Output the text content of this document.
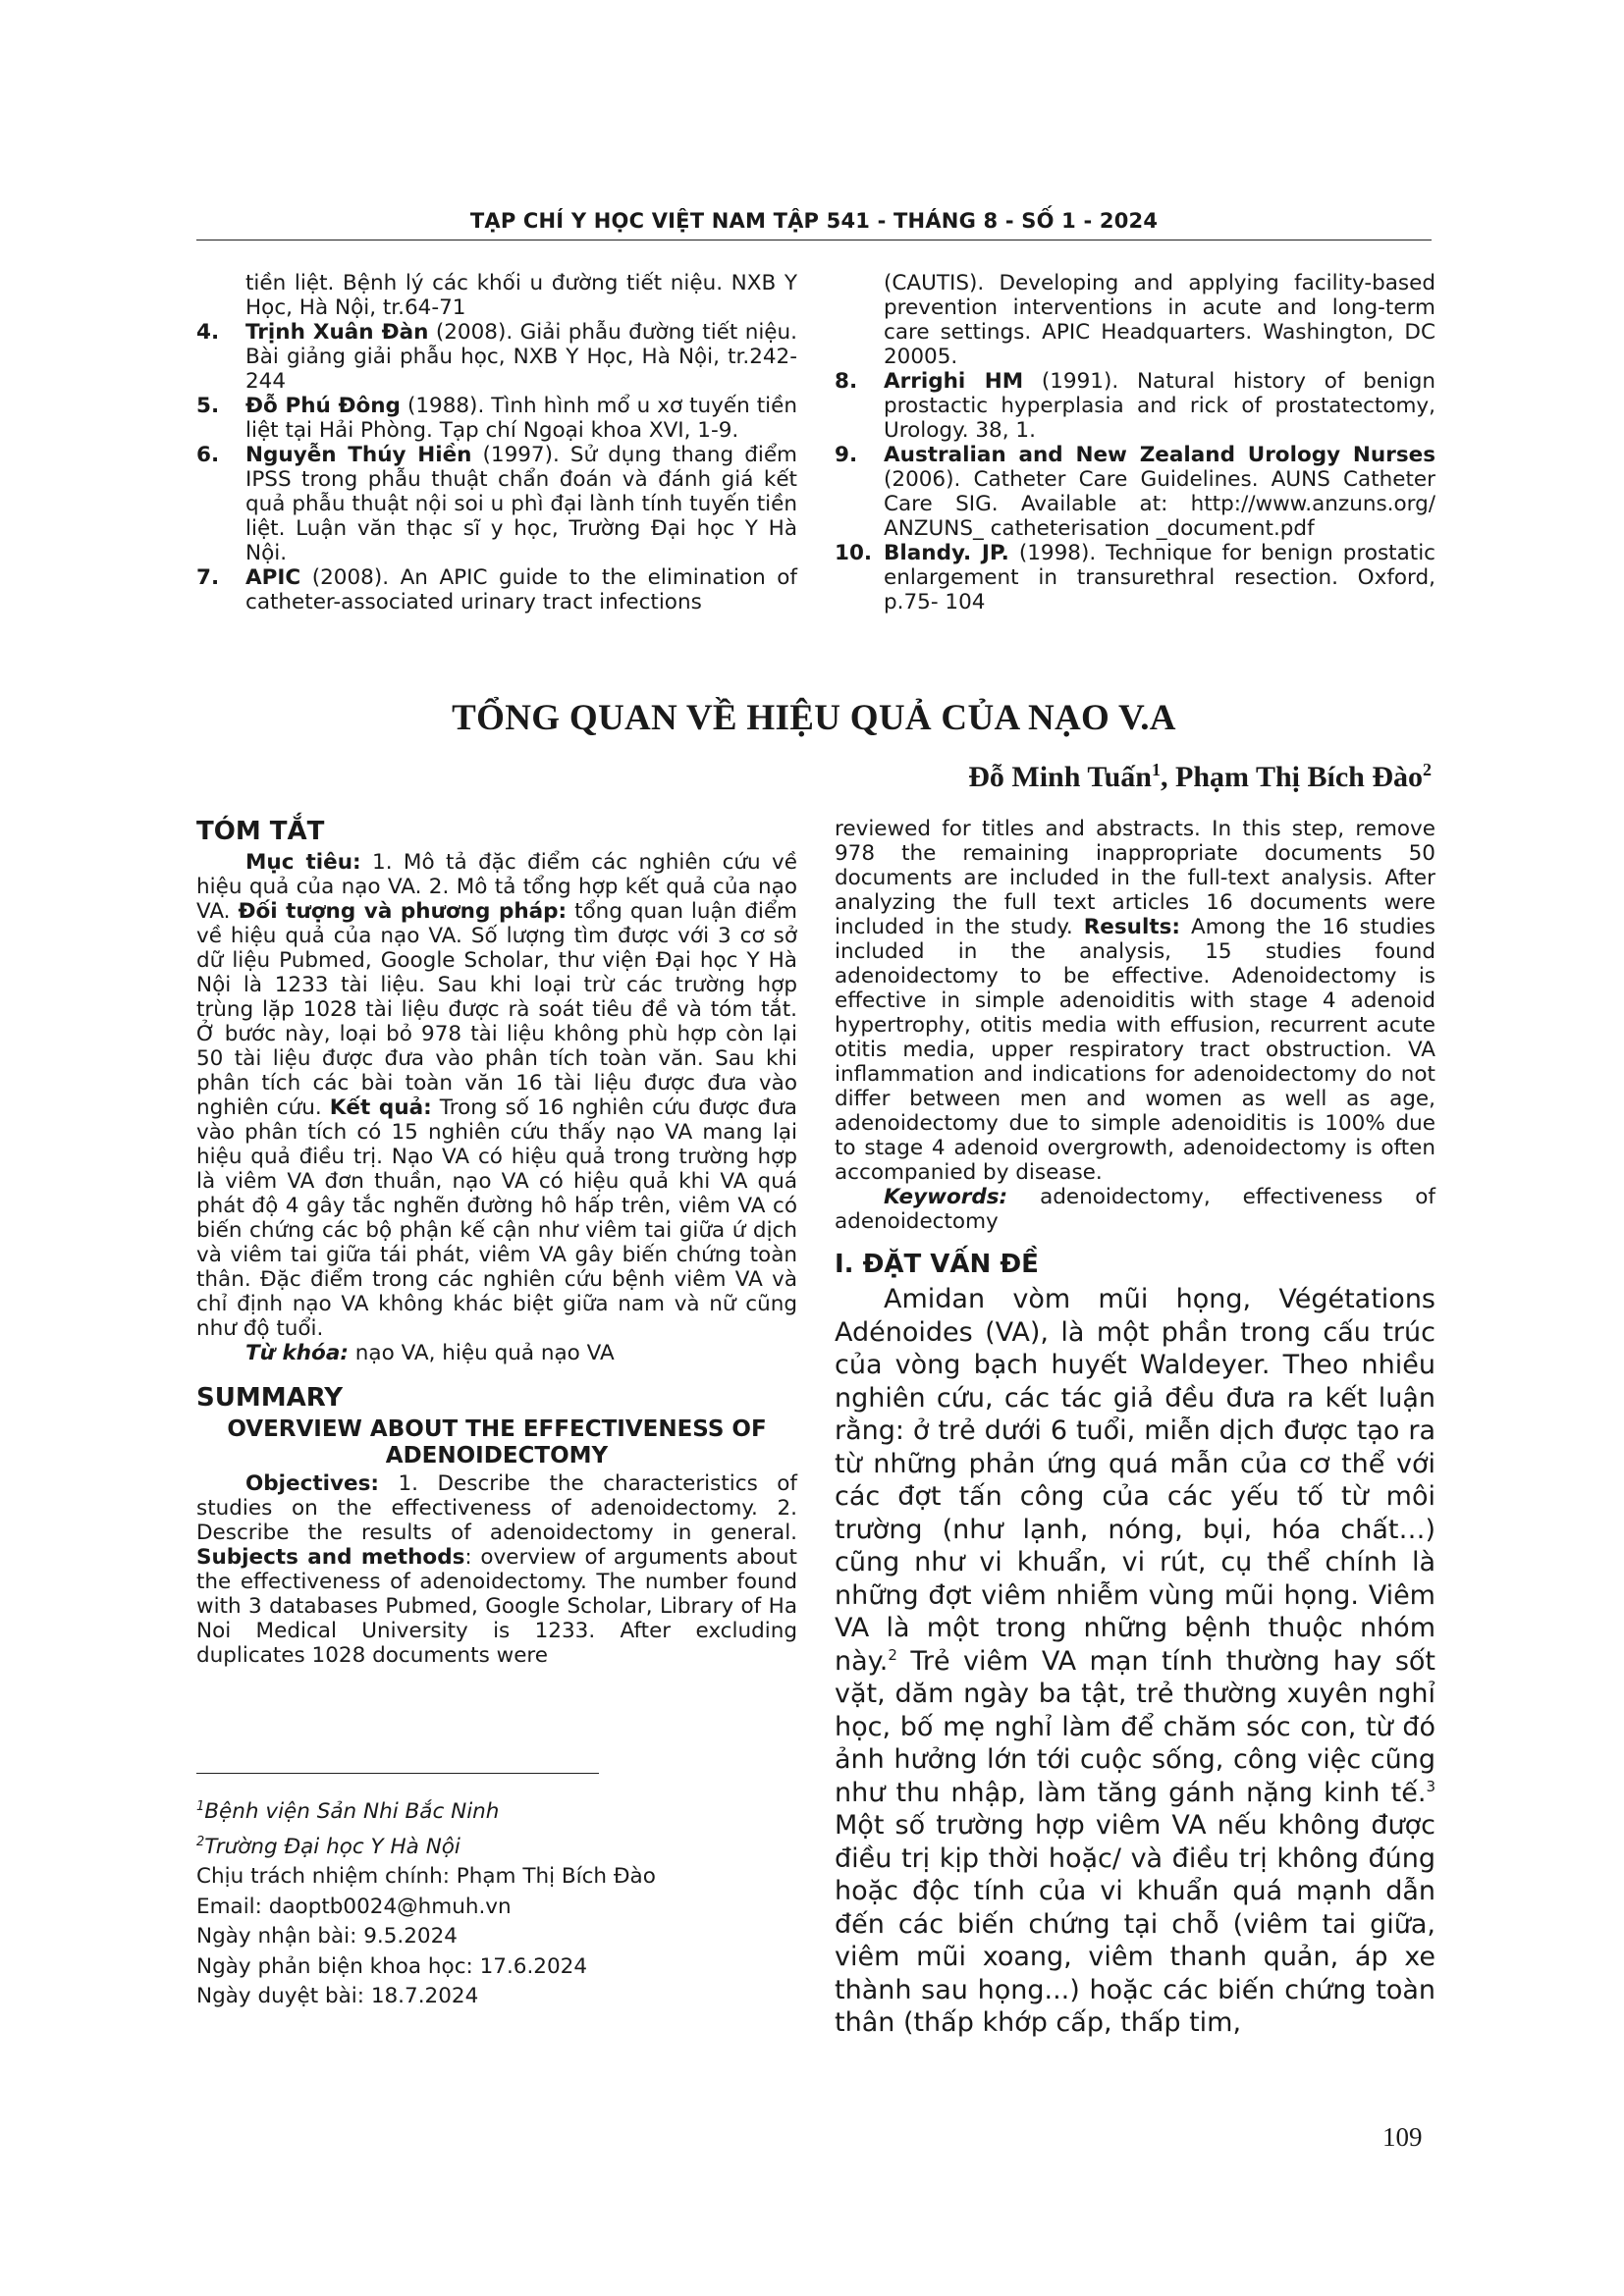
TẠP CHÍ Y HỌC VIỆT NAM TẬP 541 - THÁNG 8 - SỐ 1 - 2024

tiền liệt. Bệnh lý các khối u đường tiết niệu. NXB Y Học, Hà Nội, tr.64-71

4. Trịnh Xuân Đàn (2008). Giải phẫu đường tiết niệu. Bài giảng giải phẫu học, NXB Y Học, Hà Nội, tr.242- 244

5. Đỗ Phú Đông (1988). Tình hình mổ u xơ tuyến tiền liệt tại Hải Phòng. Tạp chí Ngoại khoa XVI, 1-9.

6. Nguyễn Thúy Hiền (1997). Sử dụng thang điểm IPSS trong phẫu thuật chẩn đoán và đánh giá kết quả phẫu thuật nội soi u phì đại lành tính tuyến tiền liệt. Luận văn thạc sĩ y học, Trường Đại học Y Hà Nội.

7. APIC (2008). An APIC guide to the elimination of catheter-associated urinary tract infections

(CAUTIS). Developing and applying facility-based prevention interventions in acute and long-term care settings. APIC Headquarters. Washington, DC 20005.

8. Arrighi HM (1991). Natural history of benign prostactic hyperplasia and rick of prostatectomy, Urology. 38, 1.

9. Australian and New Zealand Urology Nurses (2006). Catheter Care Guidelines. AUNS Catheter Care SIG. Available at: http://www.anzuns.org/ ANZUNS_ catheterisation _document.pdf

10. Blandy. JP. (1998). Technique for benign prostatic enlargement in transurethral resection. Oxford, p.75- 104

TỔNG QUAN VỀ HIỆU QUẢ CỦA NẠO V.A
Đỗ Minh Tuấn$^1$, Phạm Thị Bích Đào$^2$
TÓM TẮT

Mục tiêu: 1. Mô tả đặc điểm các nghiên cứu về hiệu quả của nạo VA. 2. Mô tả tổng hợp kết quả của nạo VA. Đối tượng và phương pháp: tổng quan luận điểm về hiệu quả của nạo VA. Số lượng tìm được với 3 cơ sở dữ liệu Pubmed, Google Scholar, thư viện Đại học Y Hà Nội là 1233 tài liệu. Sau khi loại trừ các trường hợp trùng lặp 1028 tài liệu được rà soát tiêu đề và tóm tắt. Ở bước này, loại bỏ 978 tài liệu không phù hợp còn lại 50 tài liệu được đưa vào phân tích toàn văn. Sau khi phân tích các bài toàn văn 16 tài liệu được đưa vào nghiên cứu. Kết quả: Trong số 16 nghiên cứu được đưa vào phân tích có 15 nghiên cứu thấy nạo VA mang lại hiệu quả điều trị. Nạo VA có hiệu quả trong trường hợp là viêm VA đơn thuần, nạo VA có hiệu quả khi VA quá phát độ 4 gây tắc nghẽn đường hô hấp trên, viêm VA có biến chứng các bộ phận kế cận như viêm tai giữa ứ dịch và viêm tai giữa tái phát, viêm VA gây biến chứng toàn thân. Đặc điểm trong các nghiên cứu bệnh viêm VA và chỉ định nạo VA không khác biệt giữa nam và nữ cũng như độ tuổi.

Từ khóa: nạo VA, hiệu quả nạo VA

SUMMARY
OVERVIEW ABOUT THE EFFECTIVENESS OF ADENOIDECTOMY

Objectives: 1. Describe the characteristics of studies on the effectiveness of adenoidectomy. 2. Describe the results of adenoidectomy in general. Subjects and methods: overview of arguments about the effectiveness of adenoidectomy. The number found with 3 databases Pubmed, Google Scholar, Library of Ha Noi Medical University is 1233. After excluding duplicates 1028 documents were

$^1$Bệnh viện Sản Nhi Bắc Ninh
$^2$Trường Đại học Y Hà Nội
Chịu trách nhiệm chính: Phạm Thị Bích Đào
Email: daoptb0024@hmuh.vn
Ngày nhận bài: 9.5.2024
Ngày phản biện khoa học: 17.6.2024
Ngày duyệt bài: 18.7.2024

reviewed for titles and abstracts. In this step, remove 978 the remaining inappropriate documents 50 documents are included in the full-text analysis. After analyzing the full text articles 16 documents were included in the study. Results: Among the 16 studies included in the analysis, 15 studies found adenoidectomy to be effective. Adenoidectomy is effective in simple adenoiditis with stage 4 adenoid hypertrophy, otitis media with effusion, recurrent acute otitis media, upper respiratory tract obstruction. VA inflammation and indications for adenoidectomy do not differ between men and women as well as age, adenoidectomy due to simple adenoiditis is 100% due to stage 4 adenoid overgrowth, adenoidectomy is often accompanied by disease.

Keywords: adenoidectomy, effectiveness of adenoidectomy

I. ĐẶT VẤN ĐỀ

Amidan vòm mũi họng, Végétations Adénoides (VA), là một phần trong cấu trúc của vòng bạch huyết Waldeyer. Theo nhiều nghiên cứu, các tác giả đều đưa ra kết luận rằng: ở trẻ dưới 6 tuổi, miễn dịch được tạo ra từ những phản ứng quá mẫn của cơ thể với các đợt tấn công của các yếu tố từ môi trường (như lạnh, nóng, bụi, hóa chất…) cũng như vi khuẩn, vi rút, cụ thể chính là những đợt viêm nhiễm vùng mũi họng. Viêm VA là một trong những bệnh thuộc nhóm này.$^2$ Trẻ viêm VA mạn tính thường hay sốt vặt, dăm ngày ba tật, trẻ thường xuyên nghỉ học, bố mẹ nghỉ làm để chăm sóc con, từ đó ảnh hưởng lớn tới cuộc sống, công việc cũng như thu nhập, làm tăng gánh nặng kinh tế.$^3$ Một số trường hợp viêm VA nếu không được điều trị kịp thời hoặc/ và điều trị không đúng hoặc độc tính của vi khuẩn quá mạnh dẫn đến các biến chứng tại chỗ (viêm tai giữa, viêm mũi xoang, viêm thanh quản, áp xe thành sau họng...) hoặc các biến chứng toàn thân (thấp khớp cấp, thấp tim,

109
